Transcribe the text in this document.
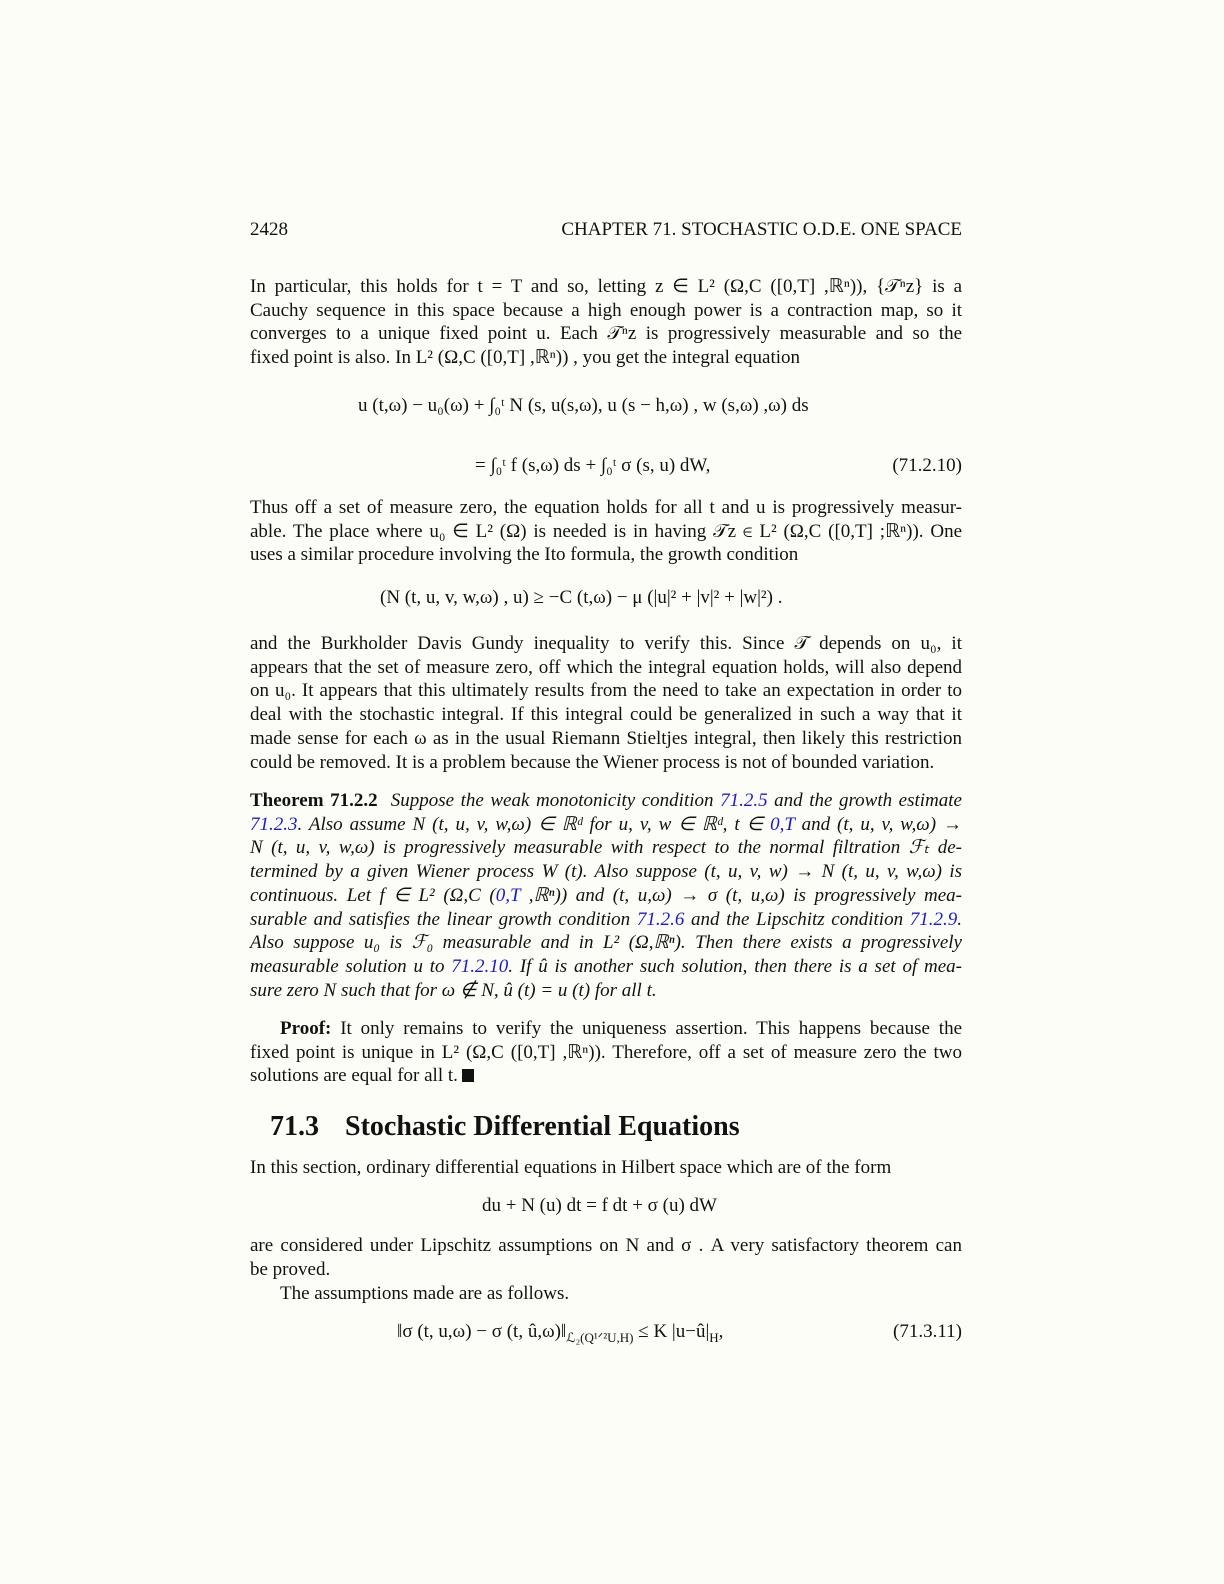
2428	CHAPTER 71. STOCHASTIC O.D.E. ONE SPACE
In particular, this holds for t = T and so, letting z ∈ L² (Ω,C ([0,T] ,ℝⁿ)), {𝒯ⁿz} is a
Cauchy sequence in this space because a high enough power is a contraction map, so it
converges to a unique fixed point u. Each 𝒯ⁿz is progressively measurable and so the
fixed point is also. In L² (Ω,C ([0,T] ,ℝⁿ)) , you get the integral equation
u (t,ω) − u₀(ω) + ∫₀ᵗ N (s, u(s,ω), u (s − h,ω) , w (s,ω) ,ω) ds
= ∫₀ᵗ f (s,ω) ds + ∫₀ᵗ σ (s, u) dW,	(71.2.10)
Thus off a set of measure zero, the equation holds for all t and u is progressively measur-
able. The place where u₀ ∈ L² (Ω) is needed is in having 𝒯z ∈ L² (Ω,C ([0,T] ;ℝⁿ)). One
uses a similar procedure involving the Ito formula, the growth condition
(N (t, u, v, w,ω) , u) ≥ −C (t,ω) − μ (|u|² + |v|² + |w|²) .
and the Burkholder Davis Gundy inequality to verify this. Since 𝒯 depends on u₀, it
appears that the set of measure zero, off which the integral equation holds, will also depend
on u₀. It appears that this ultimately results from the need to take an expectation in order to
deal with the stochastic integral. If this integral could be generalized in such a way that it
made sense for each ω as in the usual Riemann Stieltjes integral, then likely this restriction
could be removed. It is a problem because the Wiener process is not of bounded variation.
Theorem 71.2.2 Suppose the weak monotonicity condition 71.2.5 and the growth estimate
71.2.3. Also assume N (t, u, v, w,ω) ∈ ℝᵈ for u, v, w ∈ ℝᵈ, t ∈ 0,T and (t, u, v, w,ω) →
N (t, u, v, w,ω) is progressively measurable with respect to the normal filtration ℱₜ de-
termined by a given Wiener process W (t). Also suppose (t, u, v, w) → N (t, u, v, w,ω) is
continuous. Let f ∈ L² (Ω,C (0,T ,ℝⁿ)) and (t, u,ω) → σ (t, u,ω) is progressively mea-
surable and satisfies the linear growth condition 71.2.6 and the Lipschitz condition 71.2.9.
Also suppose u₀ is ℱ₀ measurable and in L² (Ω,ℝⁿ). Then there exists a progressively
measurable solution u to 71.2.10. If û is another such solution, then there is a set of mea-
sure zero N such that for ω ∉ N, û (t) = u (t) for all t.
Proof: It only remains to verify the uniqueness assertion. This happens because the
fixed point is unique in L² (Ω,C ([0,T] ,ℝⁿ)). Therefore, off a set of measure zero the two
solutions are equal for all t.
71.3 Stochastic Differential Equations
In this section, ordinary differential equations in Hilbert space which are of the form
du + N (u) dt = f dt + σ (u) dW
are considered under Lipschitz assumptions on N and σ . A very satisfactory theorem can
be proved.
The assumptions made are as follows.
‖σ (t, u,ω) − σ (t, $û,\omega)‖_{ℒ_2(Q^1ᐟ^2U,H)} \le K$ $|u-û|_H$,	(71.3.11)
